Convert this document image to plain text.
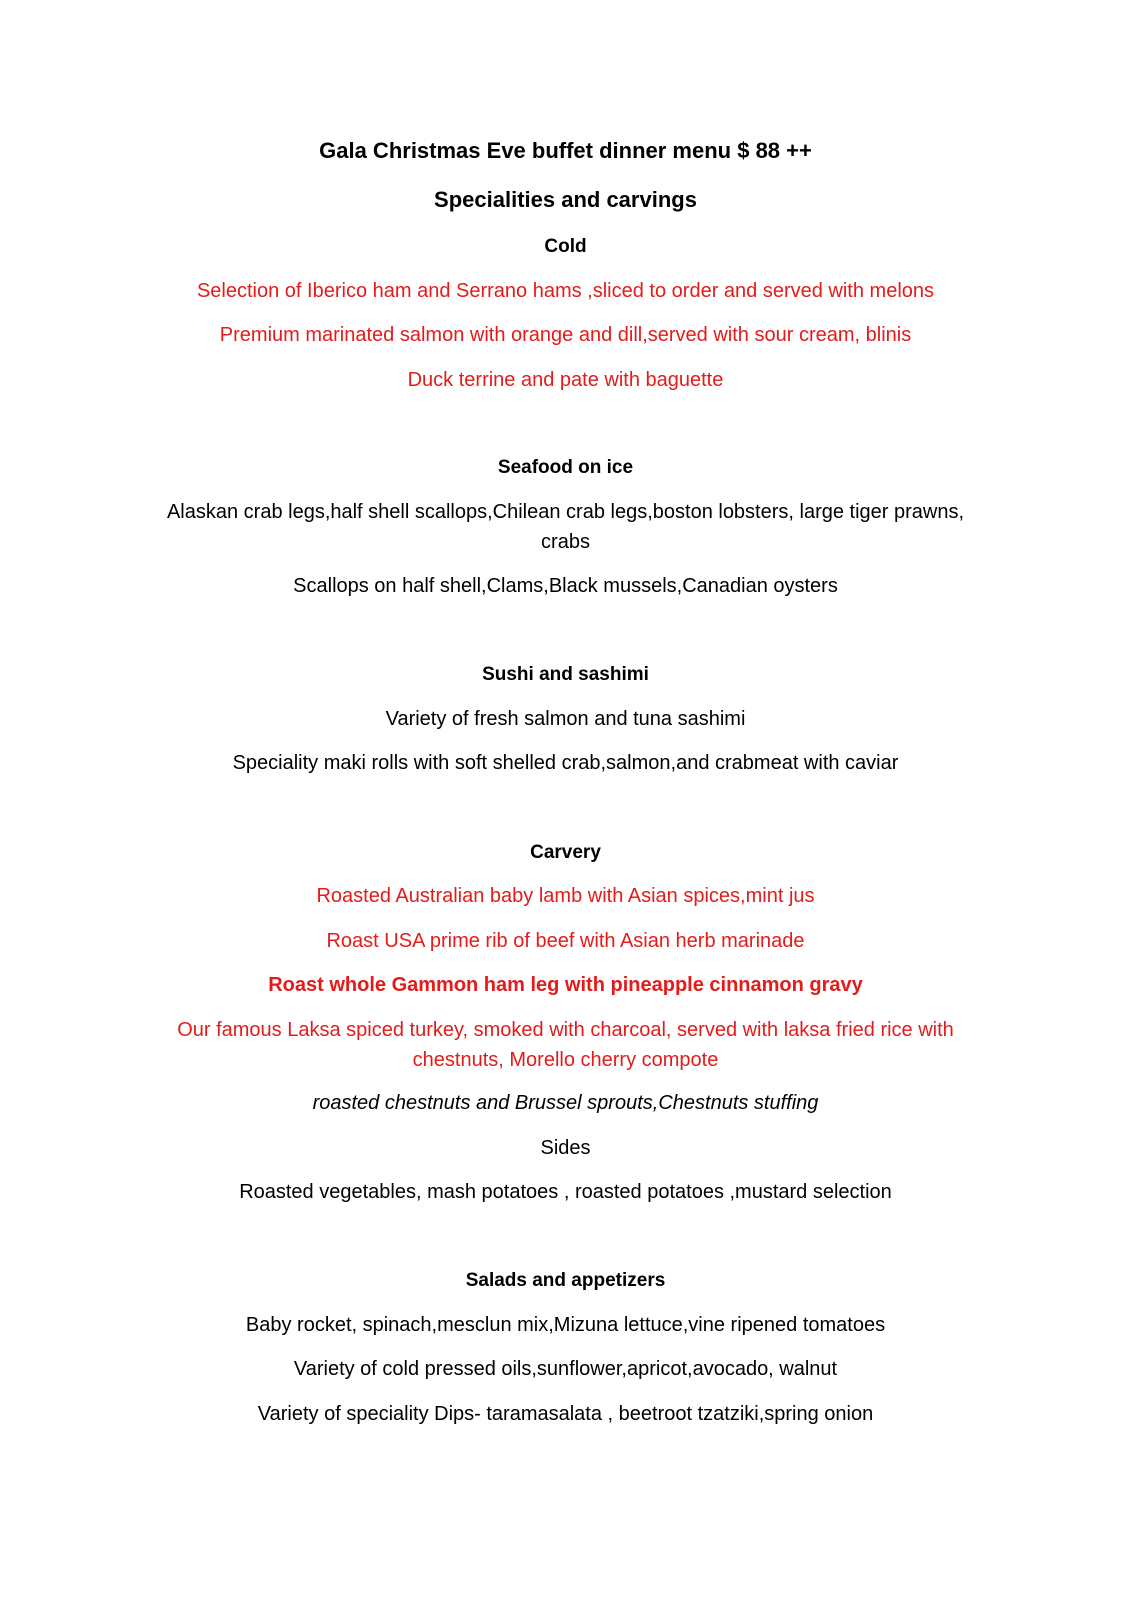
Gala Christmas Eve buffet dinner menu $ 88 ++

Specialities and carvings

Cold

Selection of Iberico ham and Serrano hams ,sliced to order and served with melons

Premium marinated salmon with orange and dill,served with sour cream, blinis

Duck terrine and pate with baguette

Seafood on ice

Alaskan crab legs,half shell scallops,Chilean crab legs,boston lobsters, large tiger prawns, crabs

Scallops on half shell,Clams,Black mussels,Canadian oysters

Sushi and sashimi

Variety of fresh salmon and tuna sashimi

Speciality maki rolls with soft shelled crab,salmon,and crabmeat with caviar

Carvery

Roasted Australian baby lamb with Asian spices,mint jus

Roast USA prime rib of beef with Asian herb marinade

Roast whole Gammon ham leg with pineapple cinnamon gravy

Our famous Laksa spiced turkey, smoked with charcoal, served with laksa fried rice with chestnuts, Morello cherry compote

roasted chestnuts and Brussel sprouts,Chestnuts stuffing

Sides

Roasted vegetables, mash potatoes , roasted potatoes ,mustard selection

Salads and appetizers

Baby rocket, spinach,mesclun mix,Mizuna lettuce,vine ripened tomatoes

Variety of cold pressed oils,sunflower,apricot,avocado, walnut

Variety of speciality Dips- taramasalata , beetroot tzatziki,spring onion
